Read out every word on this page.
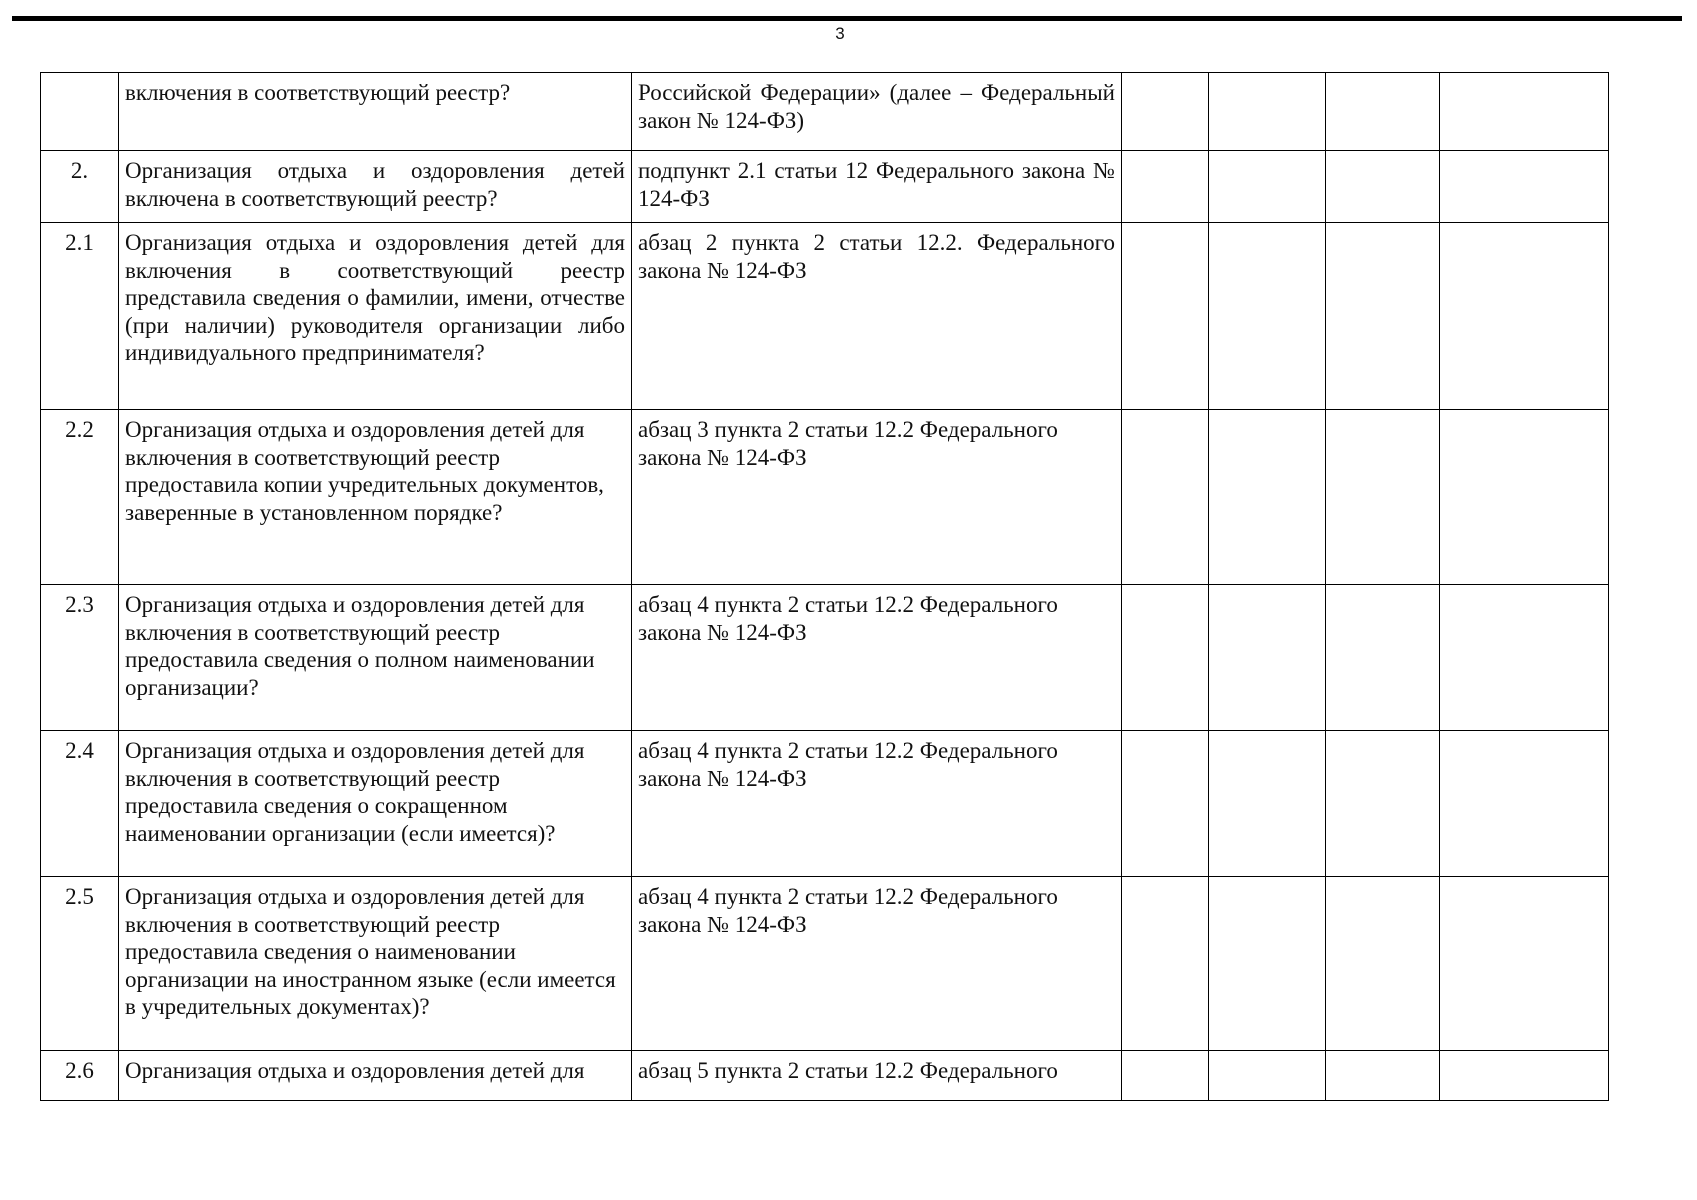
3
	включения в соответствующий реестр?	Российской Федерации» (далее – Федеральный закон № 124-ФЗ)				
2.	Организация отдыха и оздоровления детей включена в соответствующий реестр?	подпункт 2.1 статьи 12 Федерального закона № 124-ФЗ				
2.1	Организация отдыха и оздоровления детей для включения в соответствующий реестр представила сведения о фамилии, имени, отчестве (при наличии) руководителя организации либо индивидуального предпринимателя?	абзац 2 пункта 2 статьи 12.2. Федерального закона № 124-ФЗ				
2.2	Организация отдыха и оздоровления детей для включения в соответствующий реестр предоставила копии учредительных документов, заверенные в установленном порядке?	абзац 3 пункта 2 статьи 12.2 Федерального закона № 124-ФЗ				
2.3	Организация отдыха и оздоровления детей для включения в соответствующий реестр предоставила сведения о полном наименовании организации?	абзац 4 пункта 2 статьи 12.2 Федерального закона № 124-ФЗ				
2.4	Организация отдыха и оздоровления детей для включения в соответствующий реестр предоставила сведения о сокращенном наименовании организации (если имеется)?	абзац 4 пункта 2 статьи 12.2 Федерального закона № 124-ФЗ				
2.5	Организация отдыха и оздоровления детей для включения в соответствующий реестр предоставила сведения о наименовании организации на иностранном языке (если имеется в учредительных документах)?	абзац 4 пункта 2 статьи 12.2 Федерального закона № 124-ФЗ				
2.6	Организация отдыха и оздоровления детей для	абзац 5 пункта 2 статьи 12.2 Федерального				
